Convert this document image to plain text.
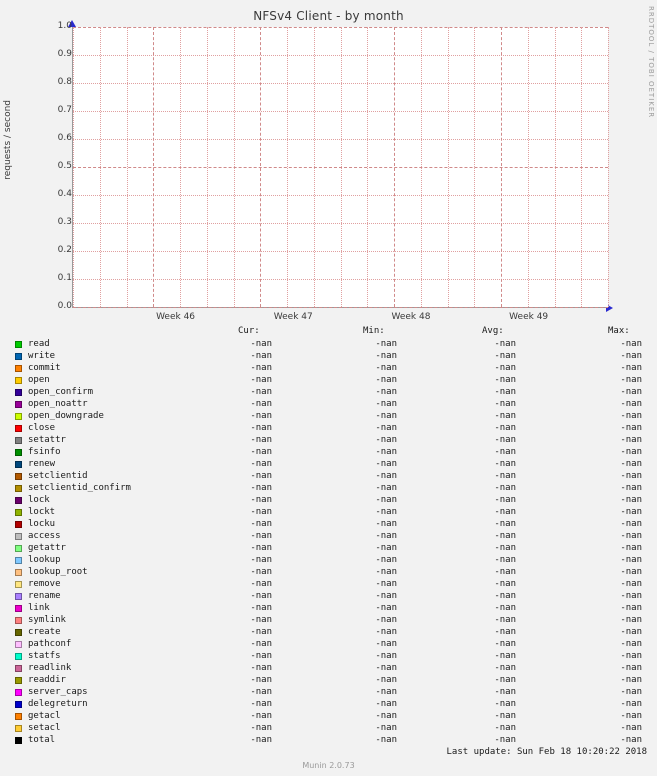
NFSv4 Client - by month	RRDTOOL / TOBI OETIKER
requests / second
0.0
0.1
0.2
0.3
0.4
0.5
0.6
0.7
0.8
0.9
1.0
Week 46	Week 47	Week 48	Week 49
Cur:	Min:	Avg:	Max:
read	-nan	-nan	-nan	-nan
write	-nan	-nan	-nan	-nan
commit	-nan	-nan	-nan	-nan
open	-nan	-nan	-nan	-nan
open_confirm	-nan	-nan	-nan	-nan
open_noattr	-nan	-nan	-nan	-nan
open_downgrade	-nan	-nan	-nan	-nan
close	-nan	-nan	-nan	-nan
setattr	-nan	-nan	-nan	-nan
fsinfo	-nan	-nan	-nan	-nan
renew	-nan	-nan	-nan	-nan
setclientid	-nan	-nan	-nan	-nan
setclientid_confirm	-nan	-nan	-nan	-nan
lock	-nan	-nan	-nan	-nan
lockt	-nan	-nan	-nan	-nan
locku	-nan	-nan	-nan	-nan
access	-nan	-nan	-nan	-nan
getattr	-nan	-nan	-nan	-nan
lookup	-nan	-nan	-nan	-nan
lookup_root	-nan	-nan	-nan	-nan
remove	-nan	-nan	-nan	-nan
rename	-nan	-nan	-nan	-nan
link	-nan	-nan	-nan	-nan
symlink	-nan	-nan	-nan	-nan
create	-nan	-nan	-nan	-nan
pathconf	-nan	-nan	-nan	-nan
statfs	-nan	-nan	-nan	-nan
readlink	-nan	-nan	-nan	-nan
readdir	-nan	-nan	-nan	-nan
server_caps	-nan	-nan	-nan	-nan
delegreturn	-nan	-nan	-nan	-nan
getacl	-nan	-nan	-nan	-nan
setacl	-nan	-nan	-nan	-nan
total	-nan	-nan	-nan	-nan
Last update: Sun Feb 18 10:20:22 2018
Munin 2.0.73
